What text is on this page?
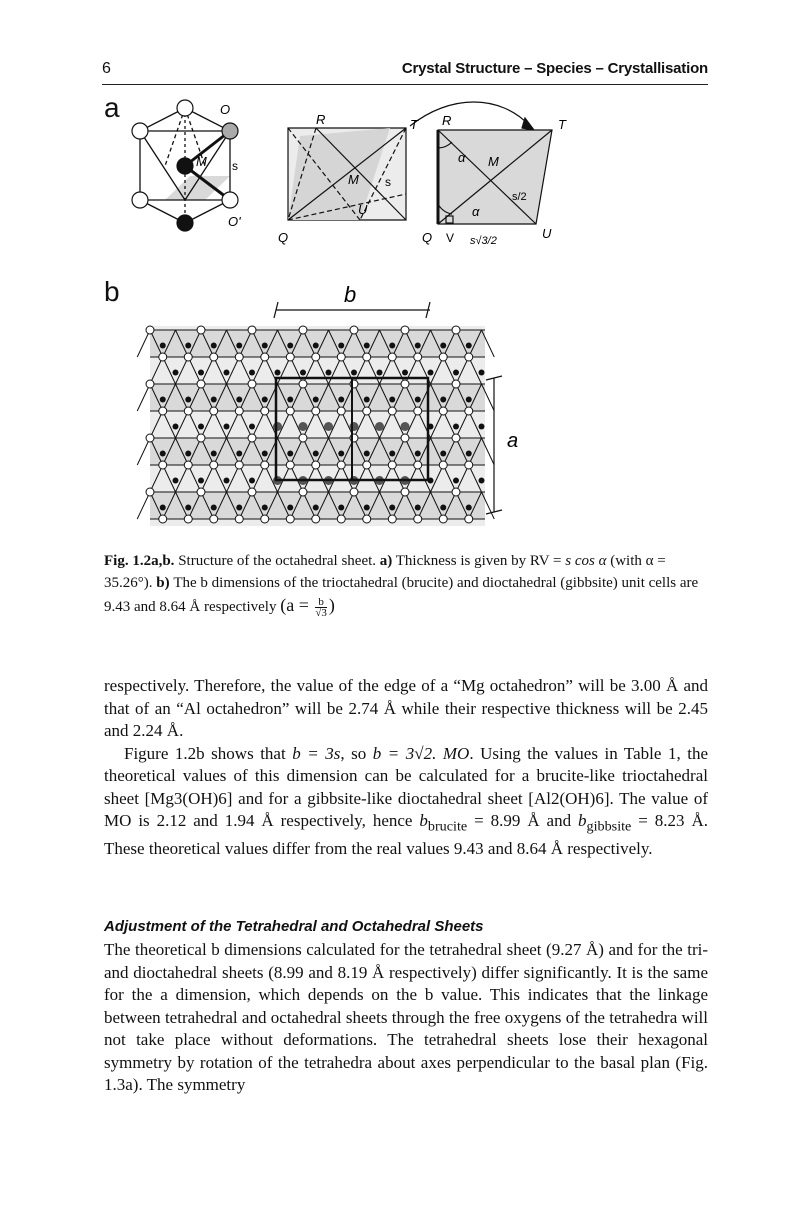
6	Crystal Structure – Species – Crystallisation
a
b
O
O'
M s
R	T
M s
U
Q
R	T
α M
s/2
α
Q V s√3/2	U
b
a
Fig. 1.2a,b. Structure of the octahedral sheet. a) Thickness is given by RV = s cos α (with α = 35.26°). b) The b dimensions of the trioctahedral (brucite) and dioctahedral (gibbsite) unit cells are 9.43 and 8.64 Å respectively ($a = \frac{b}{√3}$ )

respectively. Therefore, the value of the edge of a “Mg octahedron” will be 3.00 Å and that of an “Al octahedron” will be 2.74 Å while their respective thickness will be 2.45 and 2.24 Å.

Figure 1.2b shows that b = 3s, so b = 3√2. MO. Using the values in Table 1, the theoretical values of this dimension can be calculated for a brucite-like trioctahedral sheet [Mg3(OH)6] and for a gibbsite-like dioctahedral sheet [Al2(OH)6]. The value of MO is 2.12 and 1.94 Å respectively, hence $b_{brucite} = 8.99$ Å and $b_{gibbsite} = 8.23$ Å. These theoretical values differ from the real values 9.43 and 8.64 Å respectively.

Adjustment of the Tetrahedral and Octahedral Sheets

The theoretical b dimensions calculated for the tetrahedral sheet (9.27 Å) and for the tri- and dioctahedral sheets (8.99 and 8.19 Å respectively) differ significantly. It is the same for the a dimension, which depends on the b value. This indicates that the linkage between tetrahedral and octahedral sheets through the free oxygens of the tetrahedra will not take place without deformations. The tetrahedral sheets lose their hexagonal symmetry by rotation of the tetrahedra about axes perpendicular to the basal plan (Fig. 1.3a). The symmetry
